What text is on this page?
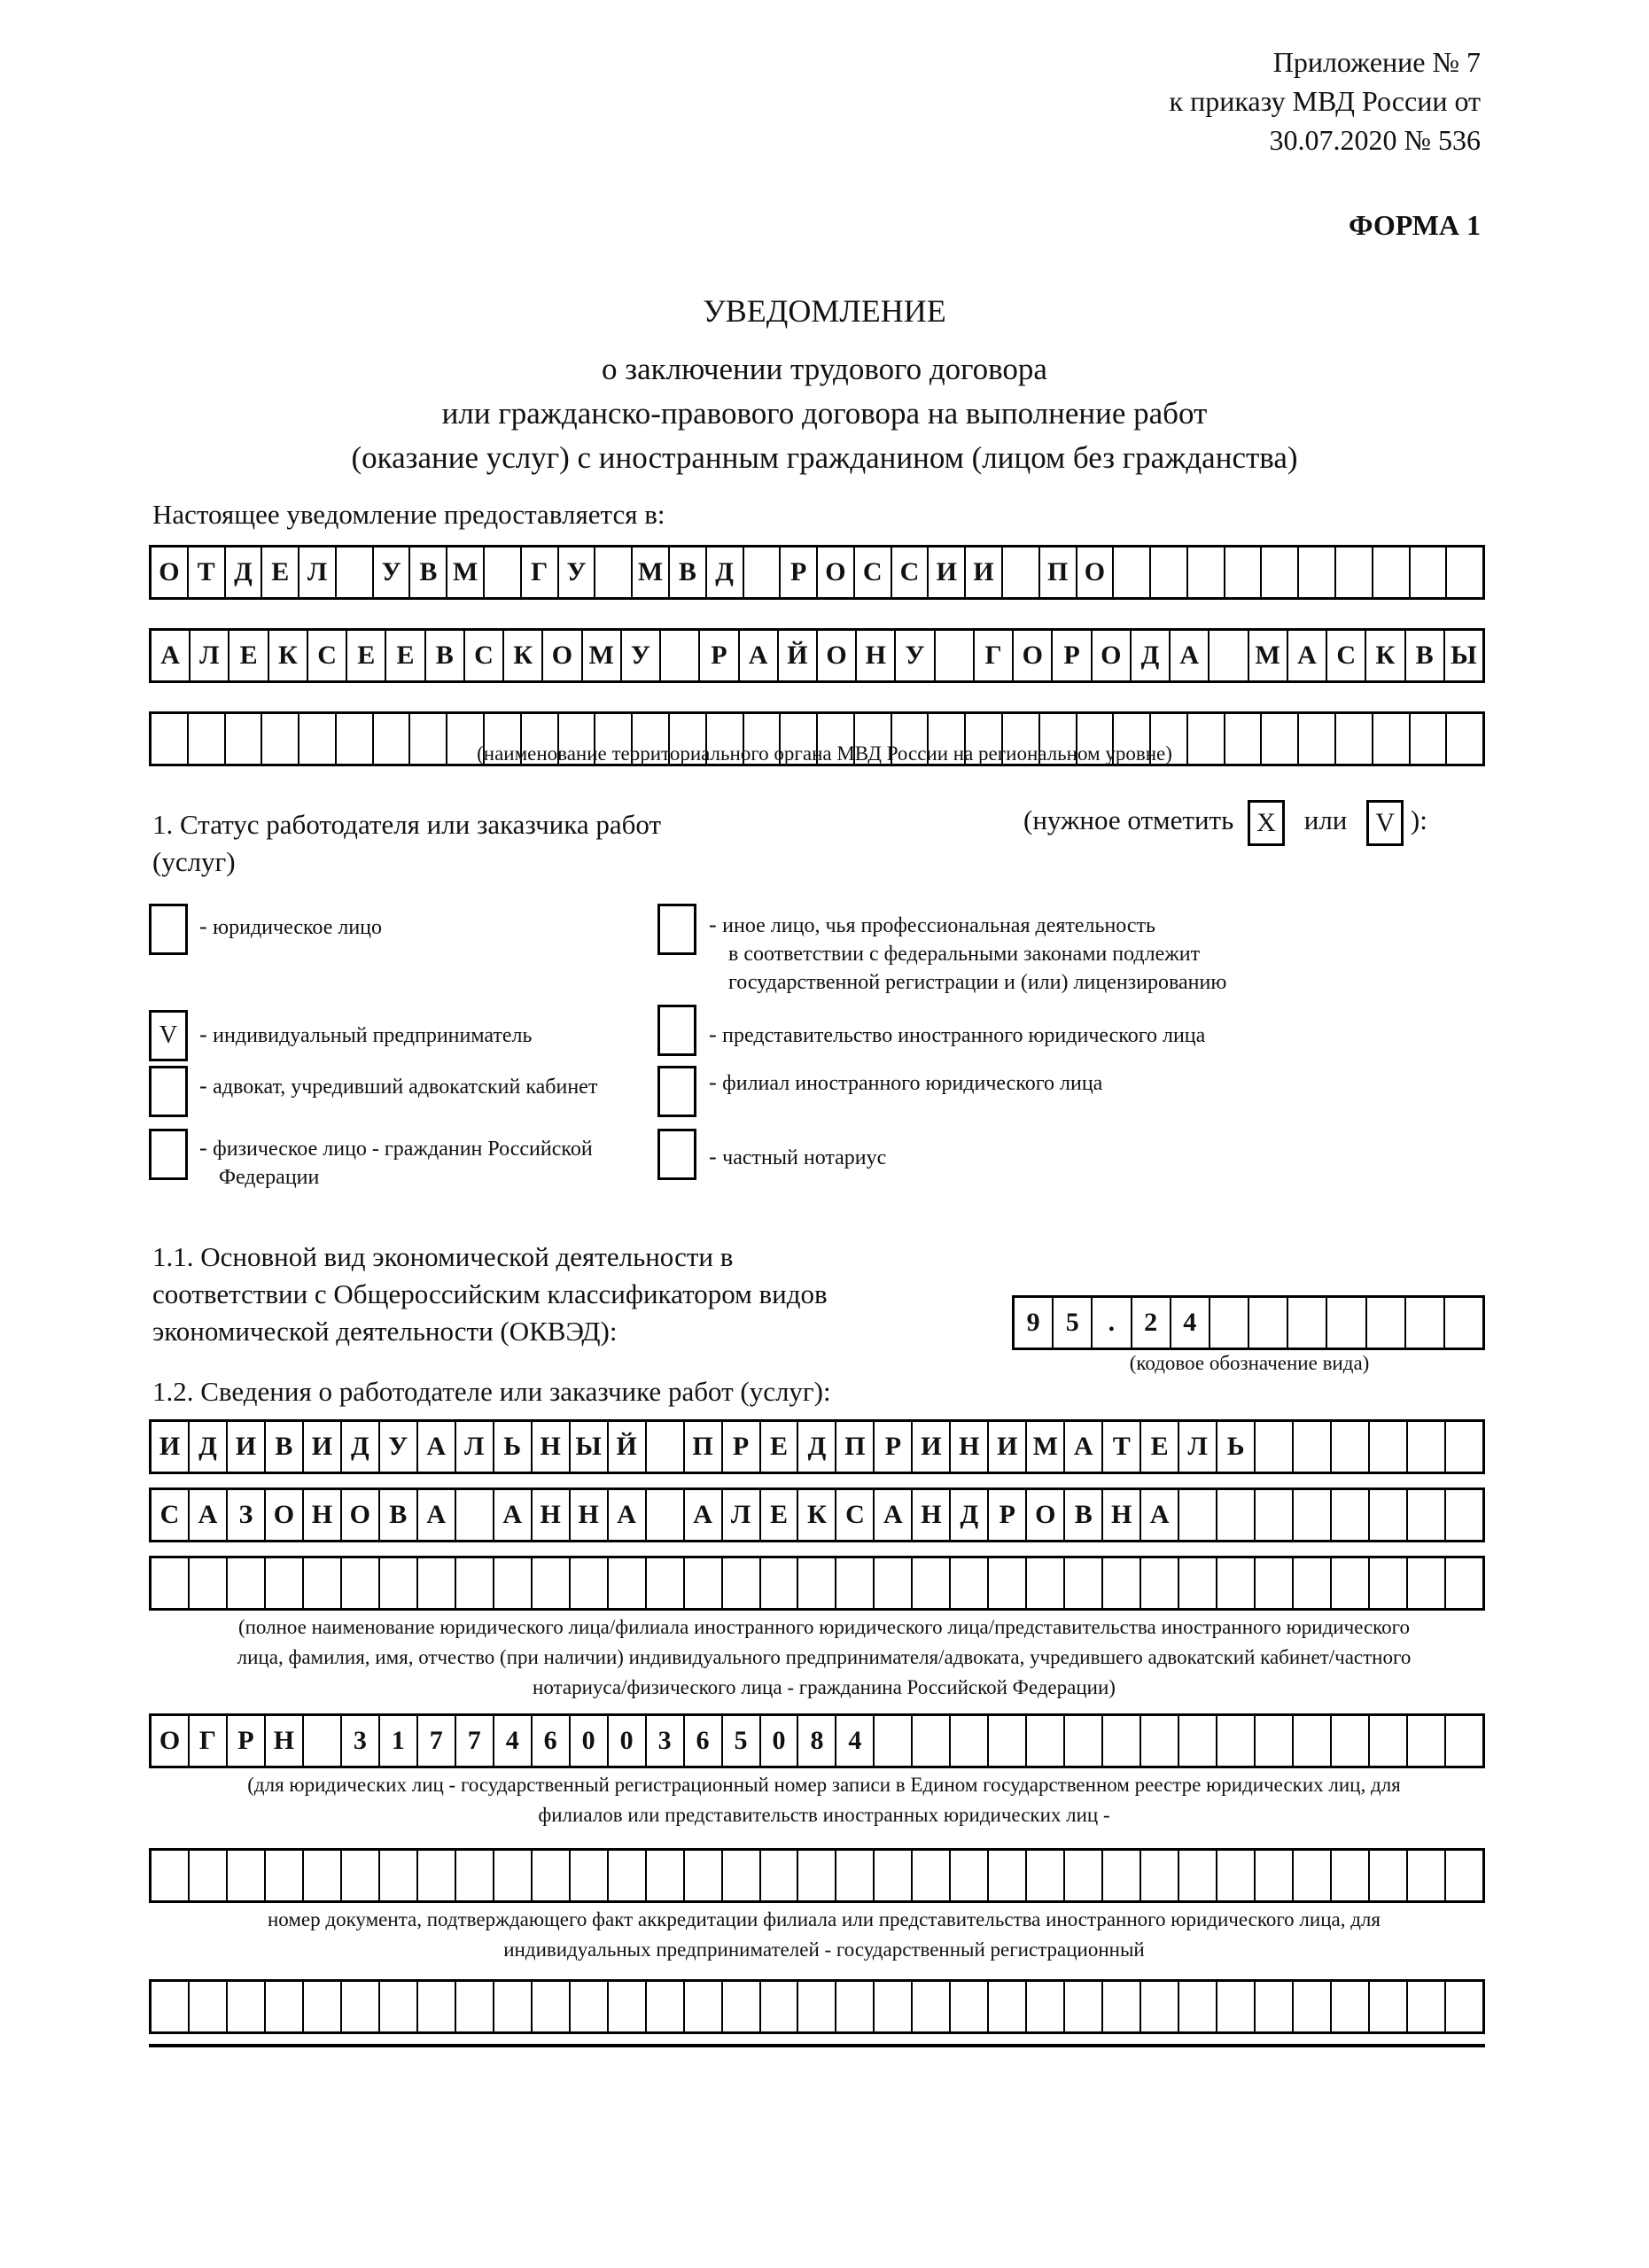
Приложение № 7
к приказу МВД России от
30.07.2020 № 536
ФОРМА 1
УВЕДОМЛЕНИЕ
о заключении трудового договора
или гражданско-правового договора на выполнение работ
(оказание услуг) с иностранным гражданином (лицом без гражданства)
Настоящее уведомление предоставляется в:
О Т Д Е Л	У В М	Г У М В Д	Р О С С И И	П О
А Л Е К С Е Е В С К О М У	Р А Й О Н У	Г О Р О Д А	М А С К В Ы
(наименование территориального органа МВД России на региональном уровне)
1. Статус работодателя или заказчика работ
(услуг)
(нужное отметить X или V ):
- юридическое лицо
V - индивидуальный предприниматель
- адвокат, учредивший адвокатский кабинет
- физическое лицо - гражданин Российской
Федерации
- иное лицо, чья профессиональная деятельность
в соответствии с федеральными законами подлежит
государственной регистрации и (или) лицензированию
- представительство иностранного юридического лица
- филиал иностранного юридического лица
- частный нотариус
1.1. Основной вид экономической деятельности в
соответствии с Общероссийским классификатором видов
экономической деятельности (ОКВЭД):	9 5	.	2 4
(кодовое обозначение вида)
1.2. Сведения о работодателе или заказчике работ (услуг):
И Д И В И Д У А Л Ь Н Ы Й	П Р Е Д П Р И Н И М А Т Е Л Ь
С А З О Н О В А	А Н Н А	А Л Е К С А Н Д Р О В Н А
(полное наименование юридического лица/филиала иностранного юридического лица/представительства иностранного юридического
лица, фамилия, имя, отчество (при наличии) индивидуального предпринимателя/адвоката, учредившего адвокатский кабинет/частного
нотариуса/физического лица - гражданина Российской Федерации)
О Г Р Н	3 1 7 7 4 6 0 0 3 6 5 0 8 4
(для юридических лиц - государственный регистрационный номер записи в Едином государственном реестре юридических лиц, для
филиалов или представительств иностранных юридических лиц -
номер документа, подтверждающего факт аккредитации филиала или представительства иностранного юридического лица, для
индивидуальных предпринимателей - государственный регистрационный
